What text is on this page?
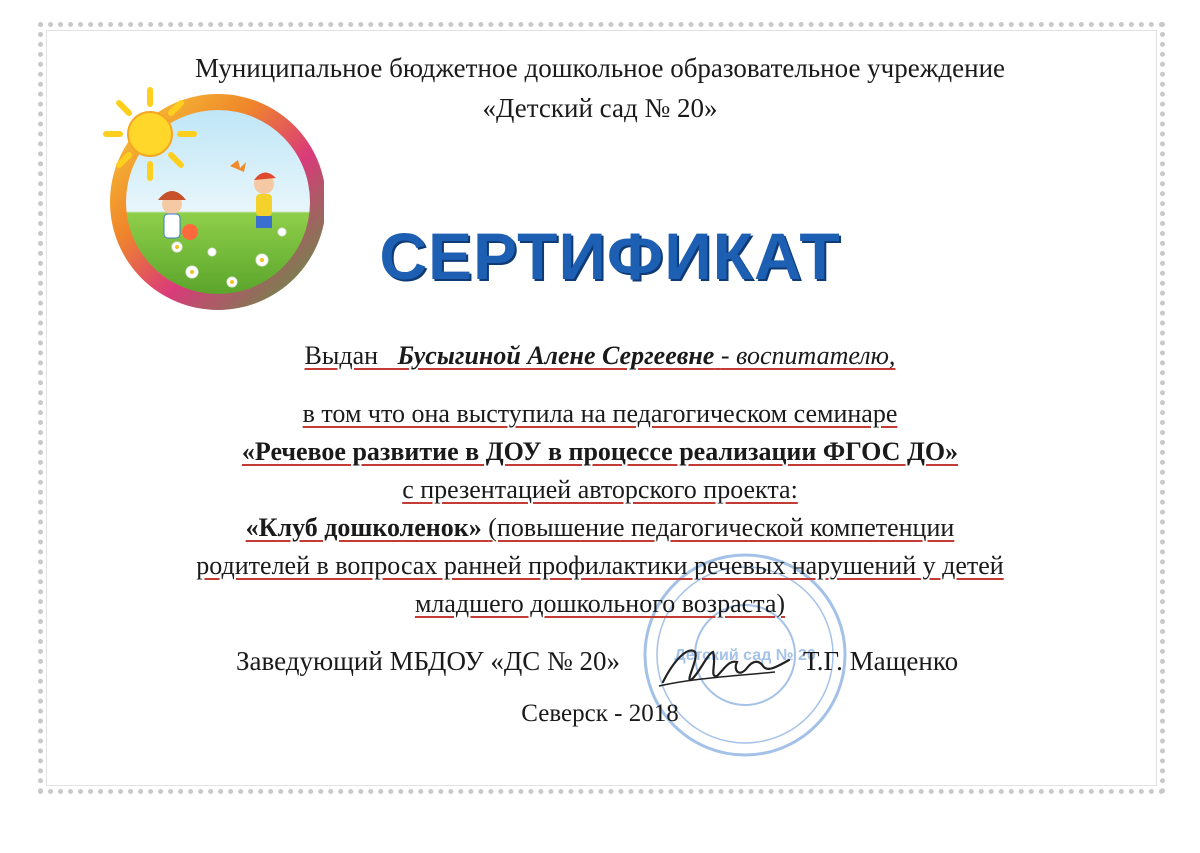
Муниципальное бюджетное дошкольное образовательное учреждение
«Детский сад № 20»
СЕРТИФИКАТ
Детский сад № 20
Выдан Бусыгиной Алене Сергеевне - воспитателю,
в том что она выступила на педагогическом семинаре
«Речевое развитие в ДОУ в процессе реализации ФГОС ДО»
с презентацией авторского проекта:
«Клуб дошколенок» (повышение педагогической компетенции
родителей в вопросах ранней профилактики речевых нарушений у детей
младшего дошкольного возраста)
Заведующий МБДОУ «ДС № 20»	Т.Г. Мащенко
Северск - 2018
